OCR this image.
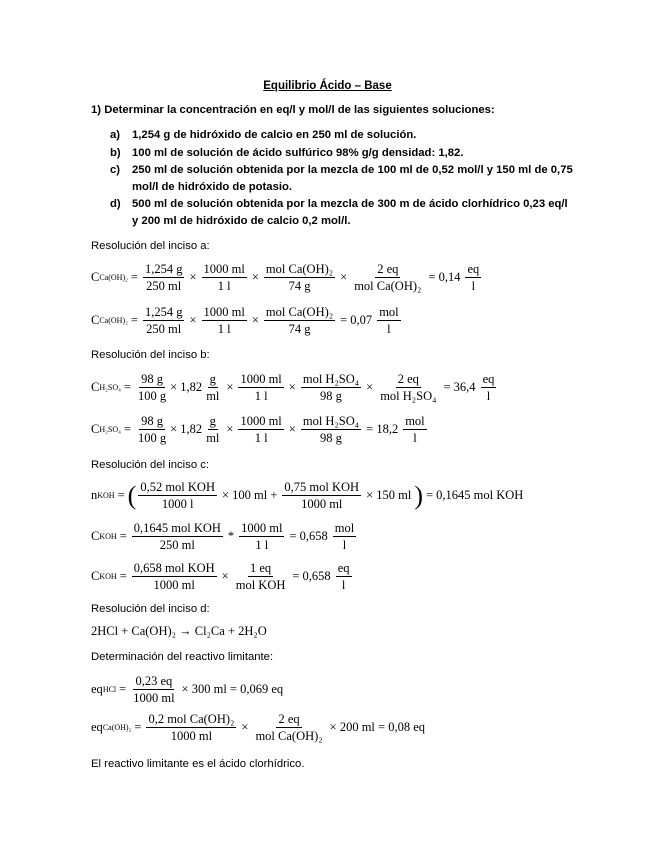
Equilibrio Ácido – Base
1) Determinar la concentración en eq/l y mol/l de las siguientes soluciones:
a) 1,254 g de hidróxido de calcio en 250 ml de solución.
b) 100 ml de solución de ácido sulfúrico 98% g/g densidad: 1,82.
c) 250 ml de solución obtenida por la mezcla de 100 ml de 0,52 mol/l y 150 ml de 0,75
mol/l de hidróxido de potasio.
d) 500 ml de solución obtenida por la mezcla de 300 m de ácido clorhídrico 0,23 eq/l
y 200 ml de hidróxido de calcio 0,2 mol/l.
Resolución del inciso a:
C $Ca(OH)_2 = \frac{1,254 g}{250 ml} \times \frac{1000 ml}{1 l} \times \frac{\text{mol Ca(OH)₂}}{74 g} \times \frac{2 eq}{\text{mol Ca(OH)₂}} = 0,14 \frac{eq}{l}$
C $Ca(OH)_2 = \frac{1,254 g}{250 ml} \times \frac{1000 ml}{1 l} \times \frac{\text{mol Ca(OH)₂}}{74 g} = 0,07 \frac{\text{mol}}{l}$
Resolución del inciso b:
C $H_2SO_4 = \frac{98 g}{100 g} \times 1,82 \frac{g}{ml} \times \frac{1000 ml}{1 l} \times \frac{\text{mol H₂SO₄}}{98 g} \times \frac{2 eq}{\text{mol H₂SO₄}} = 36,4 \frac{eq}{l}$
C $H_2SO_4 = \frac{98 g}{100 g} \times 1,82 \frac{g}{ml} \times \frac{1000 ml}{1 l} \times \frac{\text{mol H₂SO₄}}{98 g} = 18,2 \frac{\text{mol}}{l}$
Resolución del inciso c:
n KOH = ( $\frac{\text{0,52 mol KOH}}{1000 l} \times 100$ ml + $\frac{\text{0,75 mol KOH}}{1000 ml} \times 150$ ml ) = 0,1645 mol KOH
C KOH = $\frac{\text{0,1645 mol KOH}}{250 ml} * \frac{1000 ml}{1 l} = 0,658 \frac{\text{mol}}{l}$
C KOH = $\frac{\text{0,658 mol KOH}}{1000 ml} \times \frac{1 eq}{\text{mol KOH}} = 0,658 \frac{eq}{l}$
Resolución del inciso d:
2HCl + Ca(OH)₂ → Cl₂Ca + 2H₂O
Determinación del reactivo limitante:
eq HCl = $\frac{0,23 eq}{1000 ml} \times 300$ ml = 0,069 eq
eq $Ca(OH)_2 = \frac{\text{0,2 mol Ca(OH)₂}}{1000 ml} \times \frac{2 eq}{\text{mol Ca(OH)₂}} \times 200$ ml = 0,08 eq
El reactivo limitante es el ácido clorhídrico.
